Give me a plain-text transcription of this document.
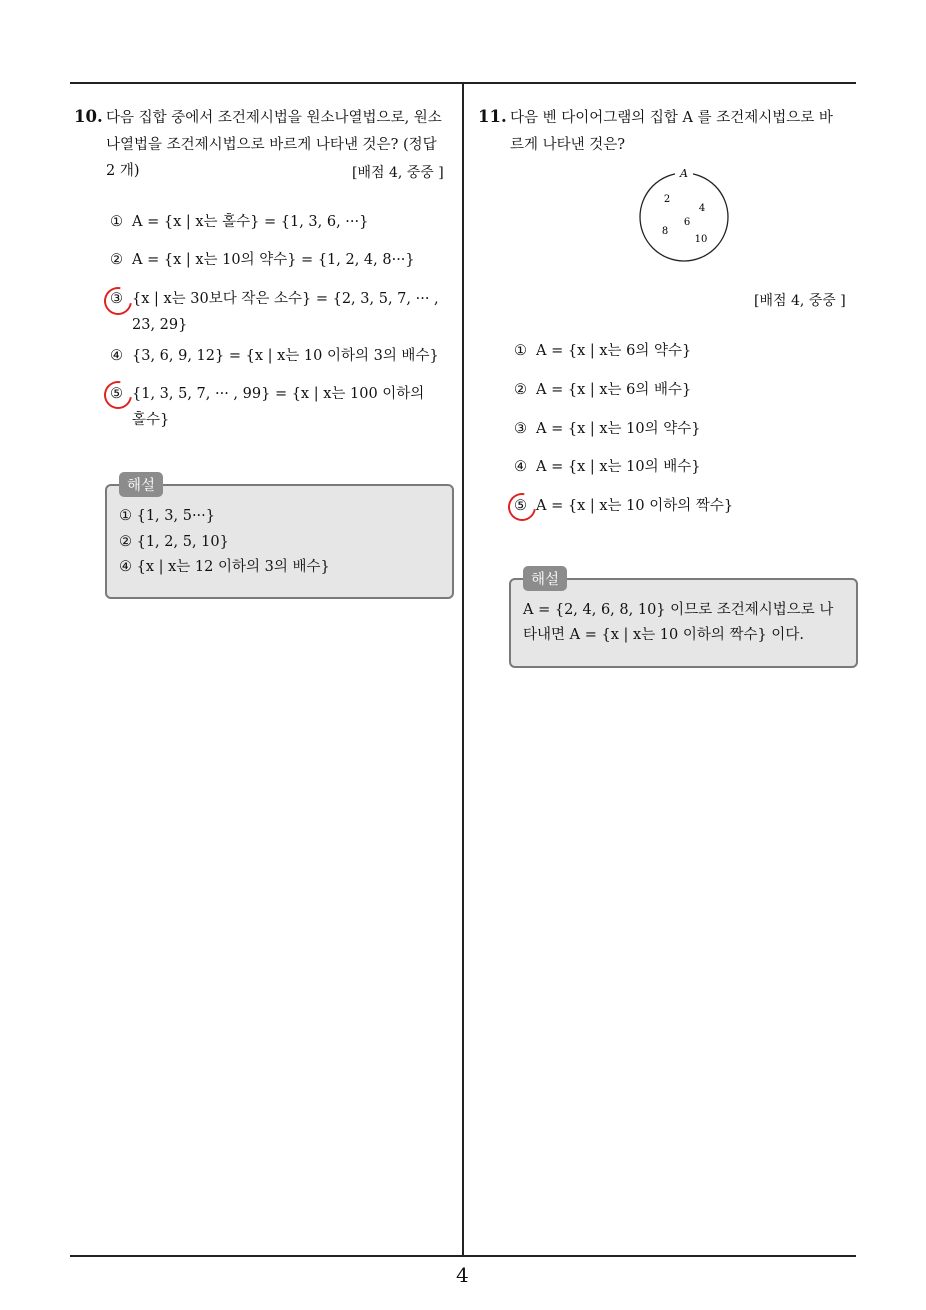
4
10. 다음 집합 중에서 조건제시법을 원소나열법으로, 원소
나열법을 조건제시법으로 바르게 나타낸 것은? (정답
2 개)	[배점 4, 중중 ]
① A = {x | x는 홀수} = {1, 3, 6, ···}
② A = {x | x는 10의 약수} = {1, 2, 4, 8···}
③ {x | x는 30보다 작은 소수} = {2, 3, 5, 7, ··· ,
23, 29}
④ {3, 6, 9, 12} = {x | x는 10 이하의 3의 배수}
⑤ {1, 3, 5, 7, ··· , 99} = {x | x는 100 이하의
홀수}
① {1, 3, 5···}
② {1, 2, 5, 10}
④ {x | x는 12 이하의 3의 배수}
해설
11. 다음 벤 다이어그램의 집합 A 를 조건제시법으로 바
르게 나타낸 것은?
A
2
4
6
8
10
[배점 4, 중중 ]
① A = {x | x는 6의 약수}
② A = {x | x는 6의 배수}
③ A = {x | x는 10의 약수}
④ A = {x | x는 10의 배수}
⑤ A = {x | x는 10 이하의 짝수}
A = {2, 4, 6, 8, 10} 이므로 조건제시법으로 나
타내면 A = {x | x는 10 이하의 짝수} 이다.
해설
